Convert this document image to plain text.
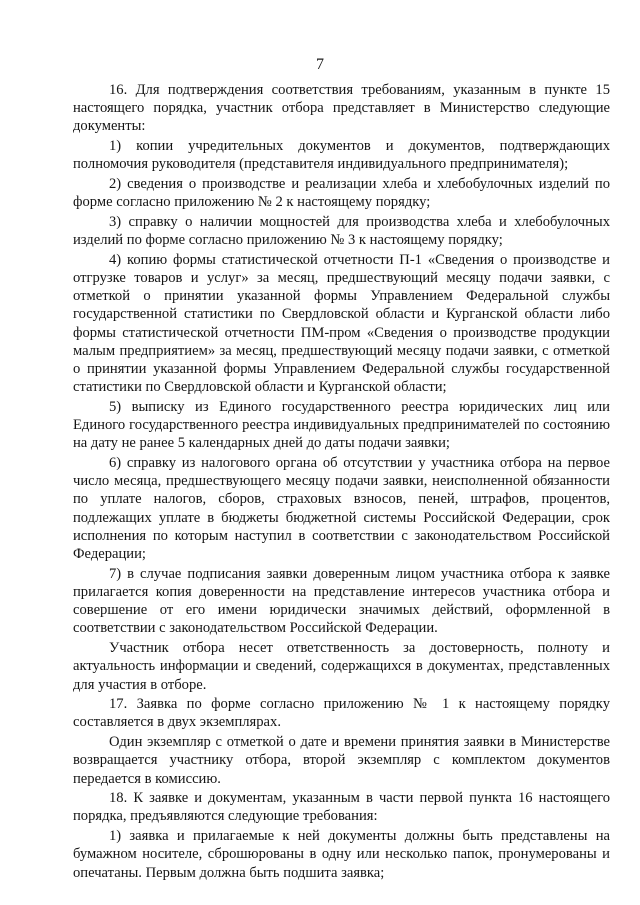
7

16. Для подтверждения соответствия требованиям, указанным в пункте 15 настоящего порядка, участник отбора представляет в Министерство следующие документы:

1) копии учредительных документов и документов, подтверждающих полномочия руководителя (представителя индивидуального предпринимателя);

2) сведения о производстве и реализации хлеба и хлебобулочных изделий по форме согласно приложению № 2 к настоящему порядку;

3) справку о наличии мощностей для производства хлеба и хлебобулочных изделий по форме согласно приложению № 3 к настоящему порядку;

4) копию формы статистической отчетности П-1 «Сведения о производстве и отгрузке товаров и услуг» за месяц, предшествующий месяцу подачи заявки, с отметкой о принятии указанной формы Управлением Федеральной службы государственной статистики по Свердловской области и Курганской области либо формы статистической отчетности ПМ-пром «Сведения о производстве продукции малым предприятием» за месяц, предшествующий месяцу подачи заявки, с отметкой о принятии указанной формы Управлением Федеральной службы государственной статистики по Свердловской области и Курганской области;

5) выписку из Единого государственного реестра юридических лиц или Единого государственного реестра индивидуальных предпринимателей по состоянию на дату не ранее 5 календарных дней до даты подачи заявки;

6) справку из налогового органа об отсутствии у участника отбора на первое число месяца, предшествующего месяцу подачи заявки, неисполненной обязанности по уплате налогов, сборов, страховых взносов, пеней, штрафов, процентов, подлежащих уплате в бюджеты бюджетной системы Российской Федерации, срок исполнения по которым наступил в соответствии с законодательством Российской Федерации;

7) в случае подписания заявки доверенным лицом участника отбора к заявке прилагается копия доверенности на представление интересов участника отбора и совершение от его имени юридически значимых действий, оформленной в соответствии с законодательством Российской Федерации.

Участник отбора несет ответственность за достоверность, полноту и актуальность информации и сведений, содержащихся в документах, представленных для участия в отборе.

17. Заявка по форме согласно приложению № 1 к настоящему порядку составляется в двух экземплярах.

Один экземпляр с отметкой о дате и времени принятия заявки в Министерстве возвращается участнику отбора, второй экземпляр с комплектом документов передается в комиссию.

18. К заявке и документам, указанным в части первой пункта 16 настоящего порядка, предъявляются следующие требования:

1) заявка и прилагаемые к ней документы должны быть представлены на бумажном носителе, сброшюрованы в одну или несколько папок, пронумерованы и опечатаны. Первым должна быть подшита заявка;
